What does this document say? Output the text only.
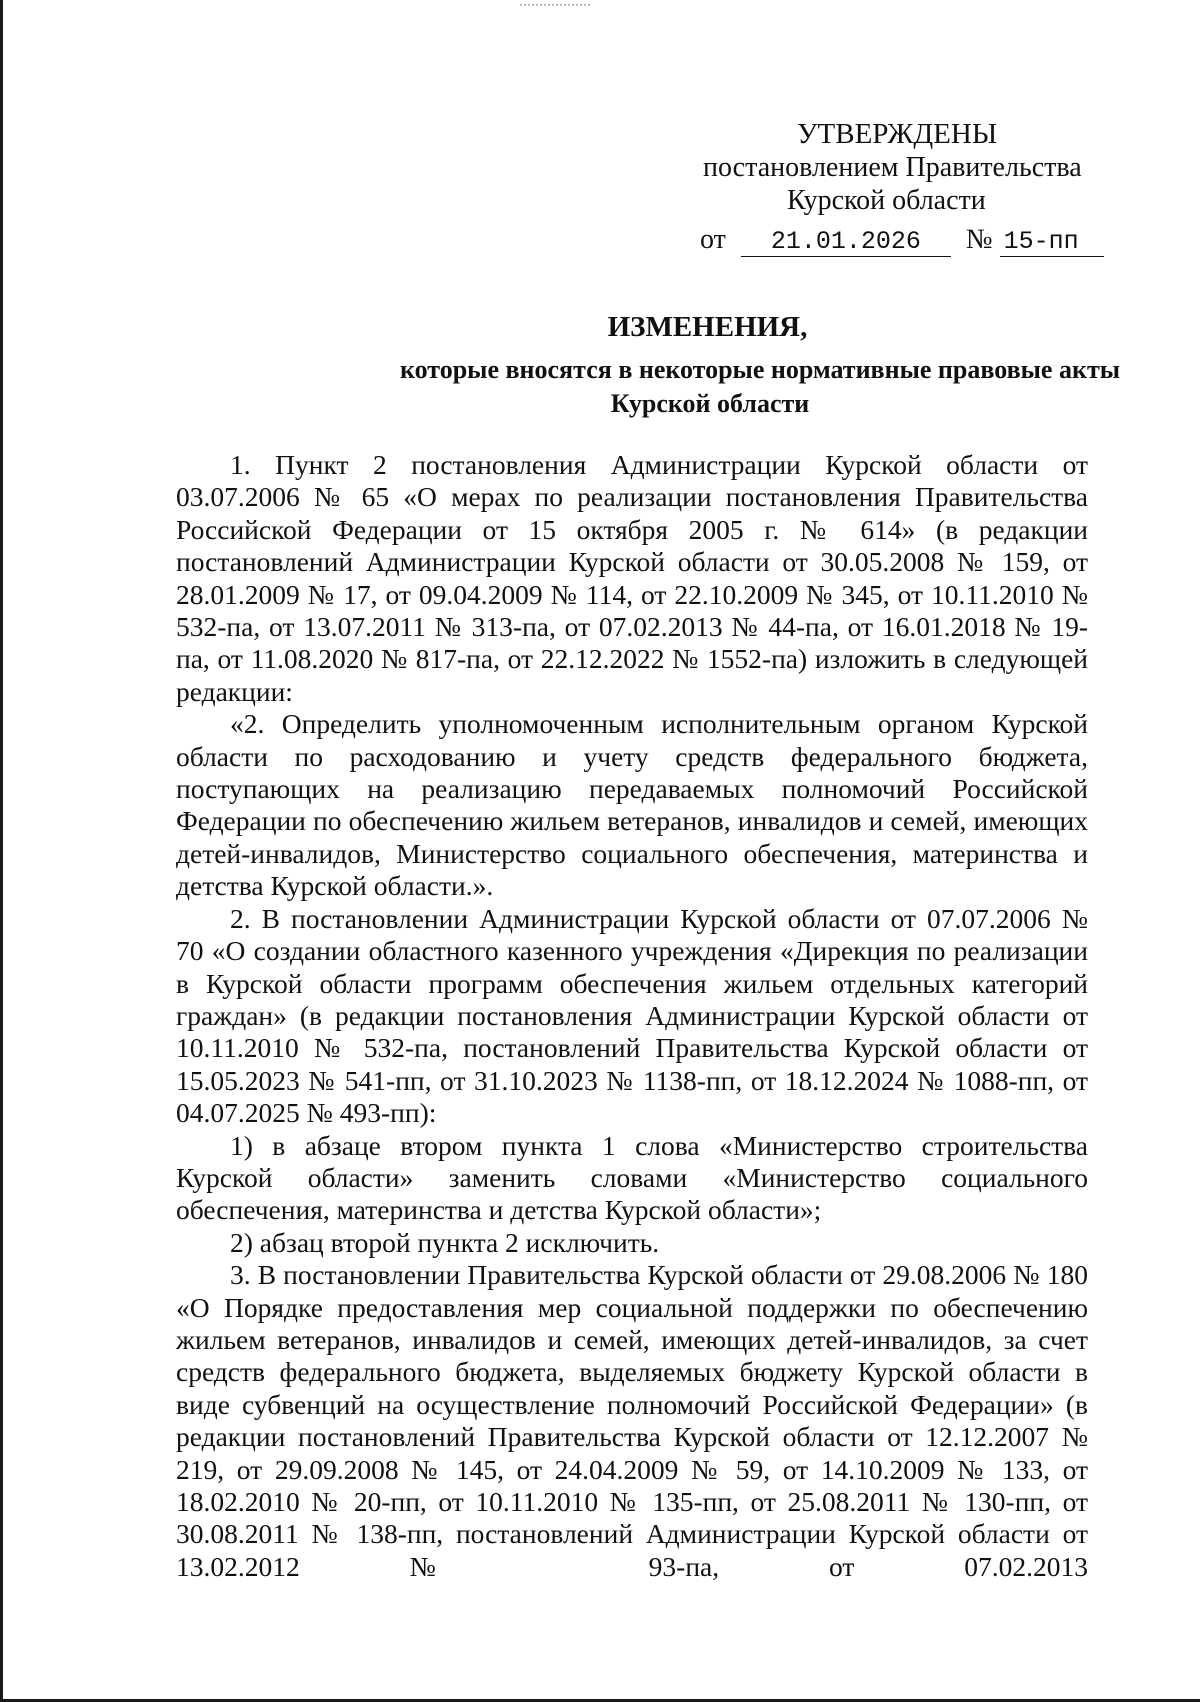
УТВЕРЖДЕНЫ
постановлением Правительства
Курской области
от 21.01.2026 № 15-пп
ИЗМЕНЕНИЯ,
которые вносятся в некоторые нормативные правовые акты
Курской области

1. Пункт 2 постановления Администрации Курской области от 03.07.2006 № 65 «О мерах по реализации постановления Правительства Российской Федерации от 15 октября 2005 г. № 614» (в редакции постановлений Администрации Курской области от 30.05.2008 № 159, от 28.01.2009 № 17, от 09.04.2009 № 114, от 22.10.2009 № 345, от 10.11.2010 № 532-па, от 13.07.2011 № 313-па, от 07.02.2013 № 44-па, от 16.01.2018 № 19-па, от 11.08.2020 № 817-па, от 22.12.2022 № 1552-па) изложить в следующей редакции:

«2. Определить уполномоченным исполнительным органом Курской области по расходованию и учету средств федерального бюджета, поступающих на реализацию передаваемых полномочий Российской Федерации по обеспечению жильем ветеранов, инвалидов и семей, имеющих детей-инвалидов, Министерство социального обеспечения, материнства и детства Курской области.».

2. В постановлении Администрации Курской области от 07.07.2006 № 70 «О создании областного казенного учреждения «Дирекция по реализации в Курской области программ обеспечения жильем отдельных категорий граждан» (в редакции постановления Администрации Курской области от 10.11.2010 № 532-па, постановлений Правительства Курской области от 15.05.2023 № 541-пп, от 31.10.2023 № 1138-пп, от 18.12.2024 № 1088-пп, от 04.07.2025 № 493-пп):

1) в абзаце втором пункта 1 слова «Министерство строительства Курской области» заменить словами «Министерство социального обеспечения, материнства и детства Курской области»;

2) абзац второй пункта 2 исключить.

3. В постановлении Правительства Курской области от 29.08.2006 № 180 «О Порядке предоставления мер социальной поддержки по обеспечению жильем ветеранов, инвалидов и семей, имеющих детей-инвалидов, за счет средств федерального бюджета, выделяемых бюджету Курской области в виде субвенций на осуществление полномочий Российской Федерации» (в редакции постановлений Правительства Курской области от 12.12.2007 № 219, от 29.09.2008 № 145, от 24.04.2009 № 59, от 14.10.2009 № 133, от 18.02.2010 № 20-пп, от 10.11.2010 № 135-пп, от 25.08.2011 № 130-пп, от 30.08.2011 № 138-пп, постановлений Администрации Курской области от 13.02.2012 № 93-па, от 07.02.2013
